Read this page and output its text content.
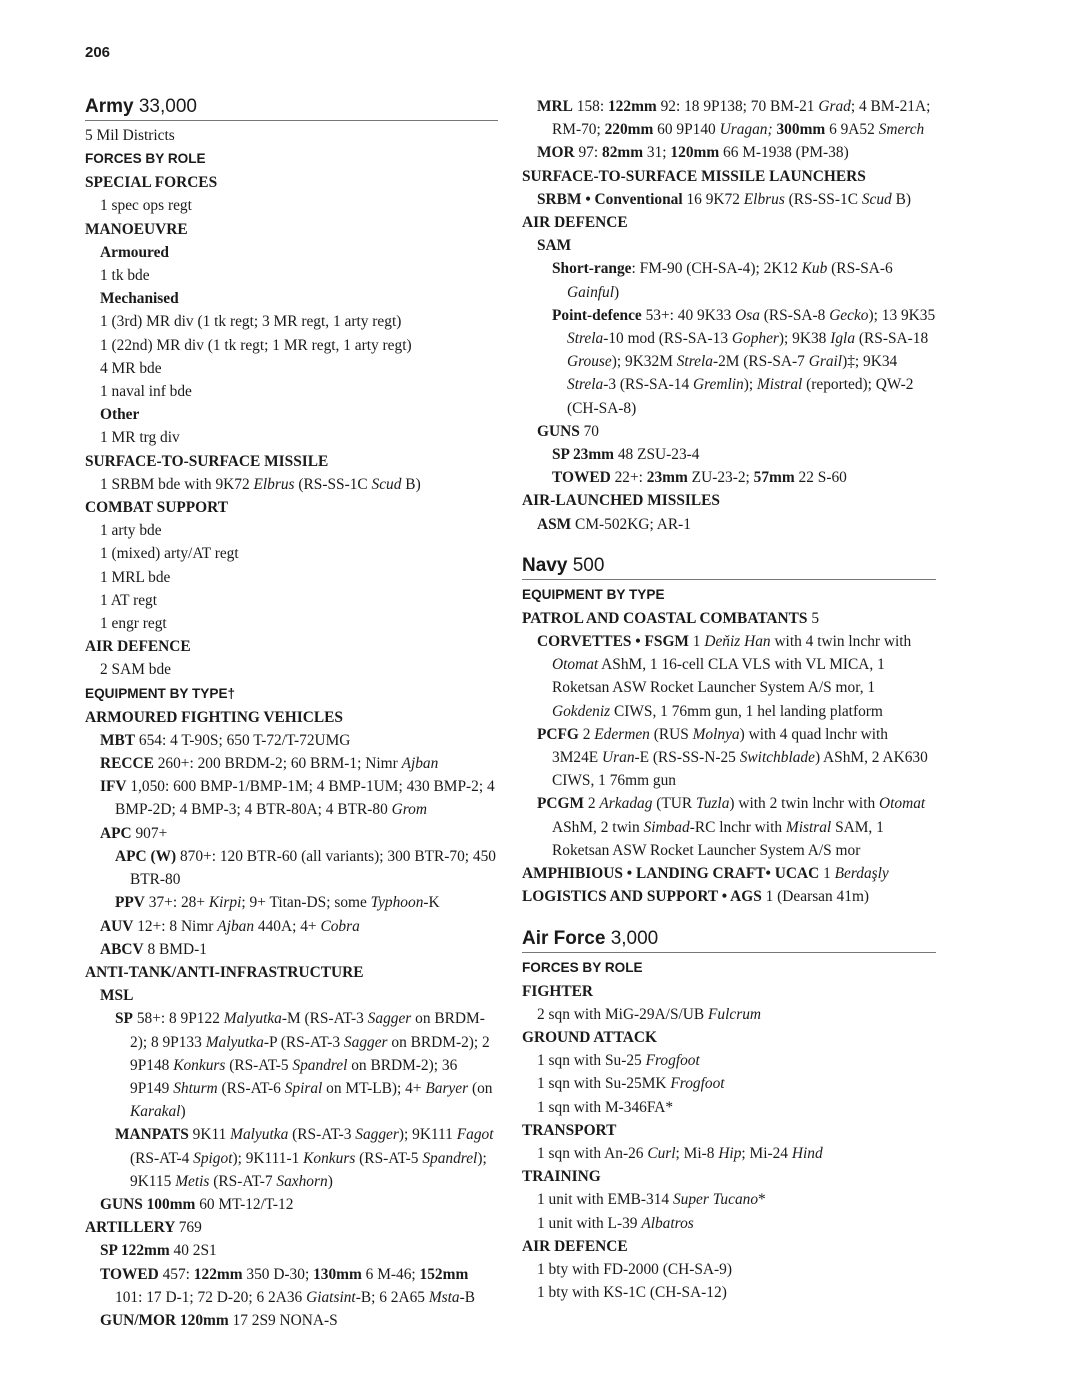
206
Army 33,000
5 Mil Districts
FORCES BY ROLE
SPECIAL FORCES
1 spec ops regt
MANOEUVRE
Armoured
1 tk bde
Mechanised
1 (3rd) MR div (1 tk regt; 3 MR regt, 1 arty regt)
1 (22nd) MR div (1 tk regt; 1 MR regt, 1 arty regt)
4 MR bde
1 naval inf bde
Other
1 MR trg div
SURFACE-TO-SURFACE MISSILE
1 SRBM bde with 9K72 Elbrus (RS-SS-1C Scud B)
COMBAT SUPPORT
1 arty bde
1 (mixed) arty/AT regt
1 MRL bde
1 AT regt
1 engr regt
AIR DEFENCE
2 SAM bde
EQUIPMENT BY TYPE†
ARMOURED FIGHTING VEHICLES
MBT 654: 4 T-90S; 650 T-72/T-72UMG
RECCE 260+: 200 BRDM-2; 60 BRM-1; Nimr Ajban
IFV 1,050: 600 BMP-1/BMP-1M; 4 BMP-1UM; 430 BMP-2; 4 BMP-2D; 4 BMP-3; 4 BTR-80A; 4 BTR-80 Grom
APC 907+
APC (W) 870+: 120 BTR-60 (all variants); 300 BTR-70; 450 BTR-80
PPV 37+: 28+ Kirpi; 9+ Titan-DS; some Typhoon-K
AUV 12+: 8 Nimr Ajban 440A; 4+ Cobra
ABCV 8 BMD-1
ANTI-TANK/ANTI-INFRASTRUCTURE
MSL
SP 58+: 8 9P122 Malyutka-M (RS-AT-3 Sagger on BRDM-2); 8 9P133 Malyutka-P (RS-AT-3 Sagger on BRDM-2); 2 9P148 Konkurs (RS-AT-5 Spandrel on BRDM-2); 36 9P149 Shturm (RS-AT-6 Spiral on MT-LB); 4+ Baryer (on Karakal)
MANPATS 9K11 Malyutka (RS-AT-3 Sagger); 9K111 Fagot (RS-AT-4 Spigot); 9K111-1 Konkurs (RS-AT-5 Spandrel); 9K115 Metis (RS-AT-7 Saxhorn)
GUNS 100mm 60 MT-12/T-12
ARTILLERY 769
SP 122mm 40 2S1
TOWED 457: 122mm 350 D-30; 130mm 6 M-46; 152mm 101: 17 D-1; 72 D-20; 6 2A36 Giatsint-B; 6 2A65 Msta-B
GUN/MOR 120mm 17 2S9 NONA-S
MRL 158: 122mm 92: 18 9P138; 70 BM-21 Grad; 4 BM-21A; RM-70; 220mm 60 9P140 Uragan; 300mm 6 9A52 Smerch
MOR 97: 82mm 31; 120mm 66 M-1938 (PM-38)
SURFACE-TO-SURFACE MISSILE LAUNCHERS
SRBM • Conventional 16 9K72 Elbrus (RS-SS-1C Scud B)
AIR DEFENCE
SAM
Short-range: FM-90 (CH-SA-4); 2K12 Kub (RS-SA-6 Gainful)
Point-defence 53+: 40 9K33 Osa (RS-SA-8 Gecko); 13 9K35 Strela-10 mod (RS-SA-13 Gopher); 9K38 Igla (RS-SA-18 Grouse); 9K32M Strela-2M (RS-SA-7 Grail)‡; 9K34 Strela-3 (RS-SA-14 Gremlin); Mistral (reported); QW-2 (CH-SA-8)
GUNS 70
SP 23mm 48 ZSU-23-4
TOWED 22+: 23mm ZU-23-2; 57mm 22 S-60
AIR-LAUNCHED MISSILES
ASM CM-502KG; AR-1
Navy 500
EQUIPMENT BY TYPE
PATROL AND COASTAL COMBATANTS 5
CORVETTES • FSGM 1 Deňiz Han with 4 twin lnchr with Otomat AShM, 1 16-cell CLA VLS with VL MICA, 1 Roketsan ASW Rocket Launcher System A/S mor, 1 Gokdeniz CIWS, 1 76mm gun, 1 hel landing platform
PCFG 2 Edermen (RUS Molnya) with 4 quad lnchr with 3M24E Uran-E (RS-SS-N-25 Switchblade) AShM, 2 AK630 CIWS, 1 76mm gun
PCGM 2 Arkadag (TUR Tuzla) with 2 twin lnchr with Otomat AShM, 2 twin Simbad-RC lnchr with Mistral SAM, 1 Roketsan ASW Rocket Launcher System A/S mor
AMPHIBIOUS • LANDING CRAFT• UCAC 1 Berdaşly
LOGISTICS AND SUPPORT • AGS 1 (Dearsan 41m)
Air Force 3,000
FORCES BY ROLE
FIGHTER
2 sqn with MiG-29A/S/UB Fulcrum
GROUND ATTACK
1 sqn with Su-25 Frogfoot
1 sqn with Su-25MK Frogfoot
1 sqn with M-346FA*
TRANSPORT
1 sqn with An-26 Curl; Mi-8 Hip; Mi-24 Hind
TRAINING
1 unit with EMB-314 Super Tucano*
1 unit with L-39 Albatros
AIR DEFENCE
1 bty with FD-2000 (CH-SA-9)
1 bty with KS-1C (CH-SA-12)
